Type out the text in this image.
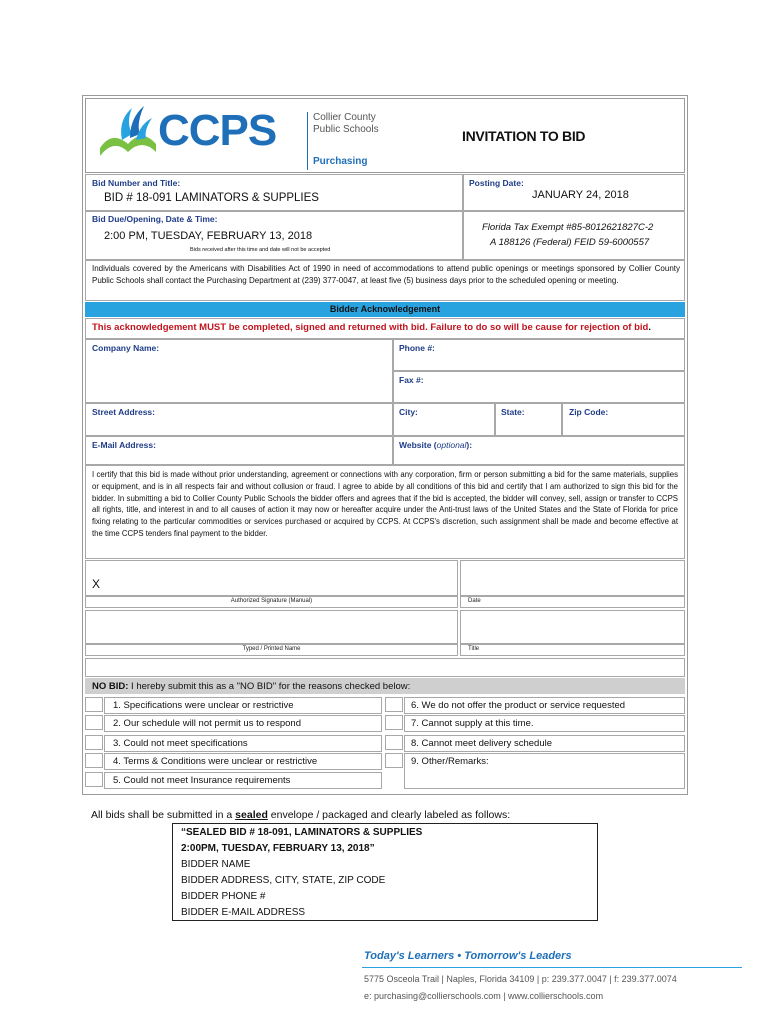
CCPS	Collier County
Public Schools
Purchasing
INVITATION TO BID
Bid Number and Title:
BID # 18-091 LAMINATORS & SUPPLIES
Posting Date:
JANUARY 24, 2018
Bid Due/Opening, Date & Time:
2:00 PM, TUESDAY, FEBRUARY 13, 2018
Bids received after this time and date will not be accepted
Florida Tax Exempt #85-8012621827C-2
A 188126 (Federal) FEID 59-6000557
Individuals covered by the Americans with Disabilities Act of 1990 in need of accommodations to attend public openings or meetings sponsored by Collier County Public Schools shall contact the Purchasing Department at (239) 377-0047, at least five (5) business days prior to the scheduled opening or meeting.
Bidder Acknowledgement
This acknowledgement MUST be completed, signed and returned with bid. Failure to do so will be cause for rejection of bid.
Company Name:	Phone #:
Fax #:
Street Address:	City:	State:	Zip Code:
E-Mail Address:	Website (optional):
I certify that this bid is made without prior understanding, agreement or connections with any corporation, firm or person submitting a bid for the same materials, supplies or equipment, and is in all respects fair and without collusion or fraud. I agree to abide by all conditions of this bid and certify that I am authorized to sign this bid for the bidder. In submitting a bid to Collier County Public Schools the bidder offers and agrees that if the bid is accepted, the bidder will convey, sell, assign or transfer to CCPS all rights, title, and interest in and to all causes of action it may now or hereafter acquire under the Anti-trust laws of the United States and the State of Florida for price fixing relating to the particular commodities or services purchased or acquired by CCPS. At CCPS's discretion, such assignment shall be made and become effective at the time CCPS tenders final payment to the bidder.
X
Authorized Signature (Manual)	Date
Typed / Printed Name	Title
NO BID: I hereby submit this as a "NO BID" for the reasons checked below:
1. Specifications were unclear or restrictive
2. Our schedule will not permit us to respond
3. Could not meet specifications
4. Terms & Conditions were unclear or restrictive
5. Could not meet Insurance requirements
6. We do not offer the product or service requested
7. Cannot supply at this time.
8. Cannot meet delivery schedule
9. Other/Remarks:
All bids shall be submitted in a sealed envelope / packaged and clearly labeled as follows:
“SEALED BID # 18-091, LAMINATORS & SUPPLIES
2:00PM, TUESDAY, FEBRUARY 13, 2018”
BIDDER NAME
BIDDER ADDRESS, CITY, STATE, ZIP CODE
BIDDER PHONE #
BIDDER E-MAIL ADDRESS
Today's Learners • Tomorrow's Leaders
5775 Osceola Trail | Naples, Florida 34109 | p: 239.377.0047 | f: 239.377.0074
e: purchasing@collierschools.com | www.collierschools.com
